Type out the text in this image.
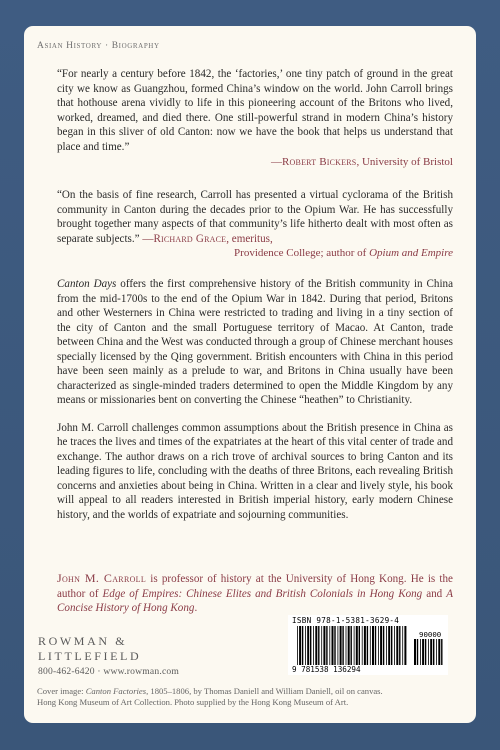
Asian History · Biography

“For nearly a century before 1842, the ‘factories,’ one tiny patch of ground in the great city we know as Guangzhou, formed China’s window on the world. John Carroll brings that hothouse arena vividly to life in this pioneering account of the Britons who lived, worked, dreamed, and died there. One still-powerful strand in modern China’s history began in this sliver of old Canton: now we have the book that helps us understand that place and time.”

—Robert Bickers, University of Bristol

“On the basis of fine research, Carroll has presented a virtual cyclorama of the British community in Canton during the decades prior to the Opium War. He has successfully brought together many aspects of that community’s life hitherto dealt with most often as separate subjects.” —Richard Grace, emeritus,

Providence College; author of Opium and Empire

Canton Days offers the first comprehensive history of the British community in China from the mid-1700s to the end of the Opium War in 1842. During that period, Britons and other Westerners in China were restricted to trading and living in a tiny section of the city of Canton and the small Portuguese territory of Macao. At Canton, trade between China and the West was conducted through a group of Chinese merchant houses specially licensed by the Qing government. British encounters with China in this period have been seen mainly as a prelude to war, and Britons in China usually have been characterized as single-minded traders determined to open the Middle Kingdom by any means or missionaries bent on converting the Chinese “heathen” to Christianity.

John M. Carroll challenges common assumptions about the British presence in China as he traces the lives and times of the expatriates at the heart of this vital center of trade and exchange. The author draws on a rich trove of archival sources to bring Canton and its leading figures to life, concluding with the deaths of three Britons, each revealing British concerns and anxieties about being in China. Written in a clear and lively style, his book will appeal to all readers interested in British imperial history, early modern Chinese history, and the worlds of expatriate and sojourning communities.

John M. Carroll is professor of history at the University of Hong Kong. He is the author of Edge of Empires: Chinese Elites and British Colonials in Hong Kong and A Concise History of Hong Kong.

ROWMAN &
LITTLEFIELD
800-462-6420 · www.rowman.com
ISBN 978-1-5381-3629-4
9 781538 136294
90000
Cover image: Canton Factories, 1805–1806, by Thomas Daniell and William Daniell, oil on canvas.
Hong Kong Museum of Art Collection. Photo supplied by the Hong Kong Museum of Art.
